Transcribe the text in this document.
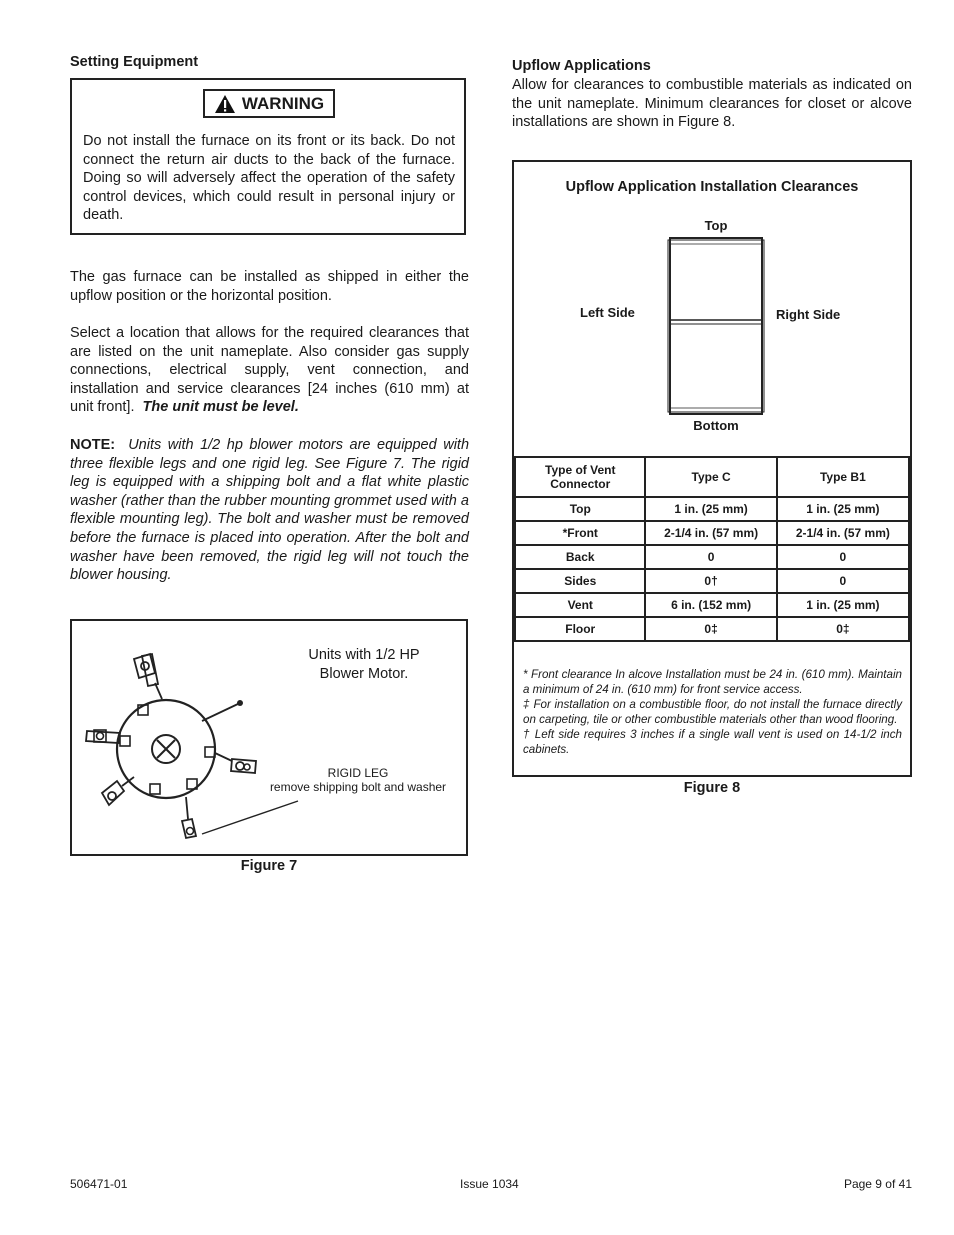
Setting Equipment
WARNING
Do not install the furnace on its front or its back. Do not connect the return air ducts to the back of the furnace. Doing so will adversely affect the operation of the safety control devices, which could result in personal injury or death.
The gas furnace can be installed as shipped in either the upflow position or the horizontal position.
Select a location that allows for the required clearances that are listed on the unit nameplate. Also consider gas supply connections, electrical supply, vent connection, and installation and service clearances [24 inches (610 mm) at unit front]. The unit must be level.
NOTE: Units with 1/2 hp blower motors are equipped with three flexible legs and one rigid leg. See Figure 7. The rigid leg is equipped with a shipping bolt and a flat white plastic washer (rather than the rubber mounting grommet used with a flexible mounting leg). The bolt and washer must be removed before the furnace is placed into operation. After the bolt and washer have been removed, the rigid leg will not touch the blower housing.
Units with 1/2 HP
Blower Motor.
RIGID LEG
remove shipping bolt and washer
Figure 7
Upflow Applications
Allow for clearances to combustible materials as indicated on the unit nameplate. Minimum clearances for closet or alcove installations are shown in Figure 8.
Upflow Application Installation Clearances
Top
Bottom
Left Side	Right Side
Type of Vent Connector	Type C	Type B1
Top	1 in. (25 mm)	1 in. (25 mm)
*Front	2-1/4 in. (57 mm)	2-1/4 in. (57 mm)
Back	0	0
Sides	0†	0
Vent	6 in. (152 mm)	1 in. (25 mm)
Floor	0‡	0‡
* Front clearance In alcove Installation must be 24 in. (610 mm). Maintain a minimum of 24 in. (610 mm) for front service access.
‡ For installation on a combustible floor, do not install the furnace directly on carpeting, tile or other combustible materials other than wood flooring.
† Left side requires 3 inches if a single wall vent is used on 14-1/2 inch cabinets.
Figure 8
506471-01	Issue 1034	Page 9 of 41
